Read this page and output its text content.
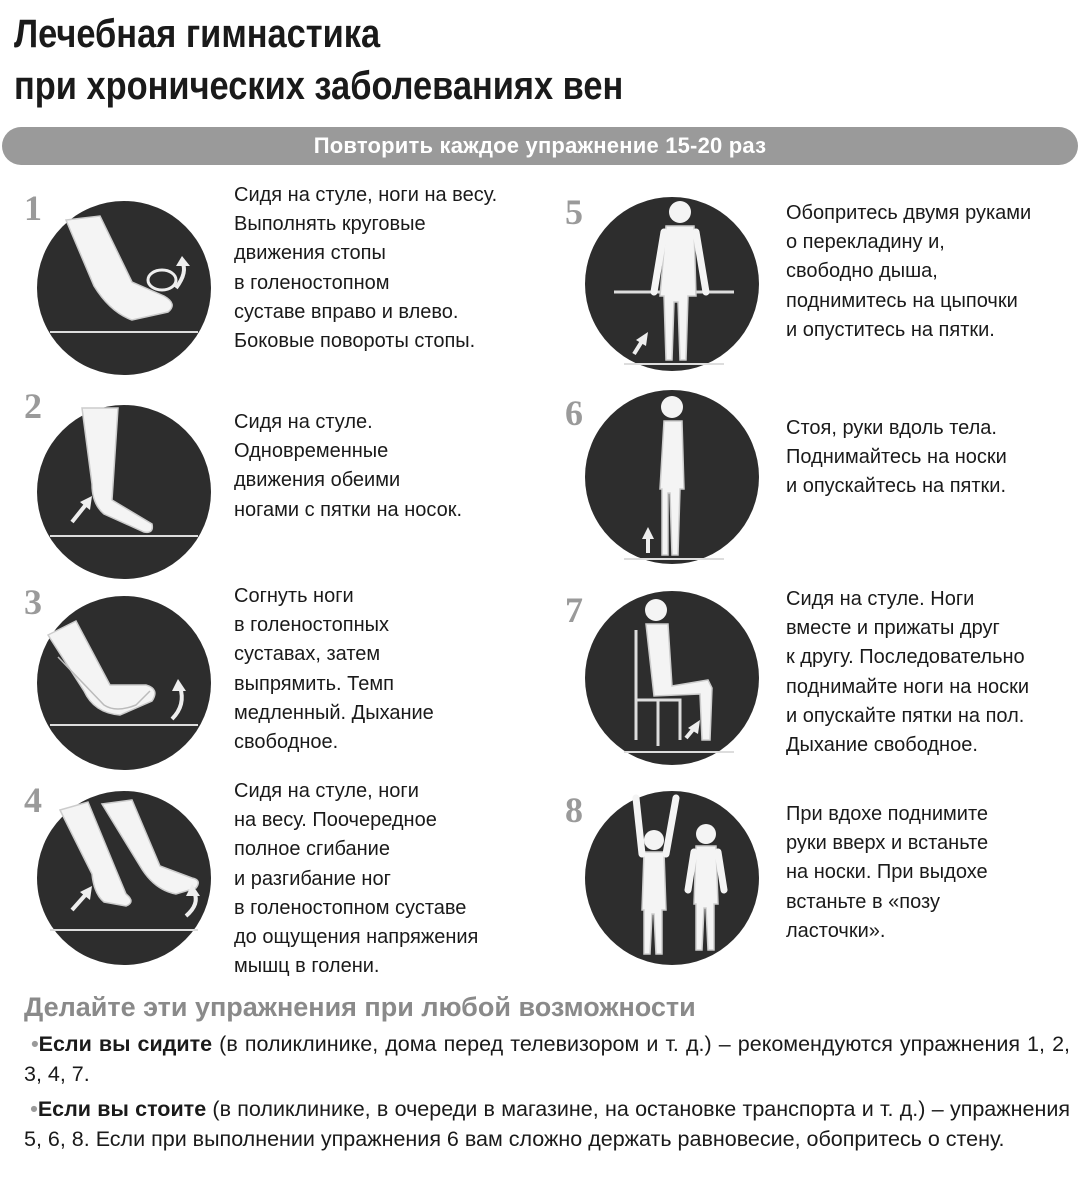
Лечебная гимнастика
при хронических заболеваниях вен
Повторить каждое упражнение 15-20 раз
1	Сидя на стуле, ноги на весу.
Выполнять круговые
движения стопы
в голеностопном
суставе вправо и влево.
Боковые повороты стопы.

2	Сидя на стуле.
Одновременные
движения обеими
ногами с пятки на носок.

3	Согнуть ноги
в голеностопных
суставах, затем
выпрямить. Темп
медленный. Дыхание
свободное.

4	Сидя на стуле, ноги
на весу. Поочередное
полное сгибание
и разгибание ног
в голеностопном суставе
до ощущения напряжения
мышц в голени.

5	Обопритесь двумя руками
о перекладину и,
свободно дыша,
поднимитесь на цыпочки
и опуститесь на пятки.

6	Стоя, руки вдоль тела.
Поднимайтесь на носки
и опускайтесь на пятки.

7	Сидя на стуле. Ноги
вместе и прижаты друг
к другу. Последовательно
поднимайте ноги на носки
и опускайте пятки на пол.
Дыхание свободное.

8	При вдохе поднимите
руки вверх и встаньте
на носки. При выдохе
встаньте в «позу
ласточки».

Делайте эти упражнения при любой возможности

•Если вы сидите (в поликлинике, дома перед телевизором и т. д.) – рекомендуются упражнения 1, 2, 3, 4, 7.

•Если вы стоите (в поликлинике, в очереди в магазине, на остановке транспорта и т. д.) – упражнения 5, 6, 8. Если при выполнении упражнения 6 вам сложно держать равновесие, обопритесь о стену.
